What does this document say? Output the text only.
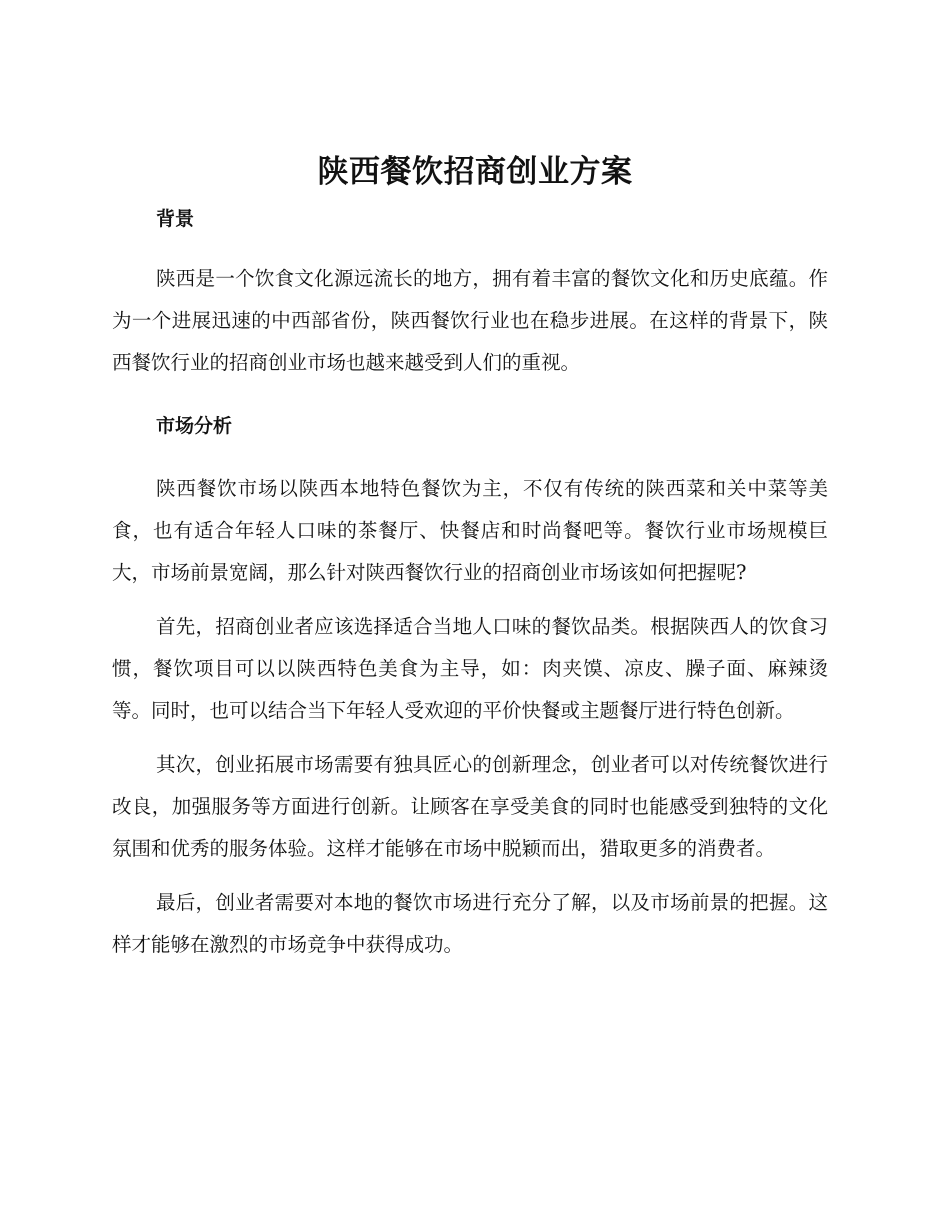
陕西餐饮招商创业方案
背景

陕西是一个饮食文化源远流长的地方，拥有着丰富的餐饮文化和历史底蕴。作为一个进展迅速的中西部省份，陕西餐饮行业也在稳步进展。在这样的背景下，陕西餐饮行业的招商创业市场也越来越受到人们的重视。

市场分析

陕西餐饮市场以陕西本地特色餐饮为主，不仅有传统的陕西菜和关中菜等美食，也有适合年轻人口味的茶餐厅、快餐店和时尚餐吧等。餐饮行业市场规模巨大，市场前景宽阔，那么针对陕西餐饮行业的招商创业市场该如何把握呢?

首先，招商创业者应该选择适合当地人口味的餐饮品类。根据陕西人的饮食习惯，餐饮项目可以以陕西特色美食为主导，如：肉夹馍、凉皮、臊子面、麻辣烫等。同时，也可以结合当下年轻人受欢迎的平价快餐或主题餐厅进行特色创新。

其次，创业拓展市场需要有独具匠心的创新理念，创业者可以对传统餐饮进行改良，加强服务等方面进行创新。让顾客在享受美食的同时也能感受到独特的文化氛围和优秀的服务体验。这样才能够在市场中脱颖而出，猎取更多的消费者。

最后，创业者需要对本地的餐饮市场进行充分了解，以及市场前景的把握。这样才能够在激烈的市场竞争中获得成功。
